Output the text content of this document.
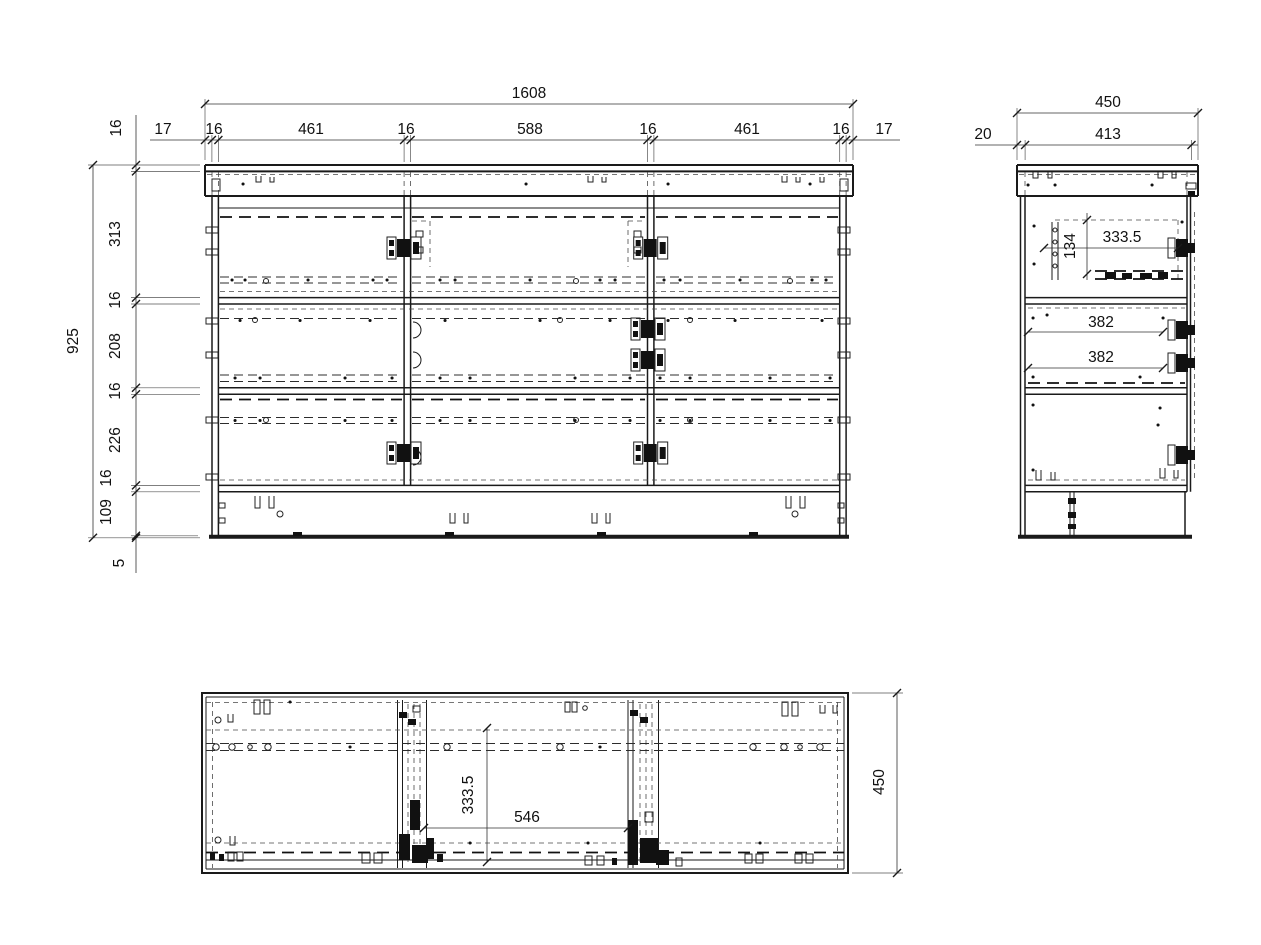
1608
17 16	461	16	588	16	461	16 17
16
313
16
208
16
226
16
109
5
925
450
20	413
333.5
134
382
382
450
333.5
546
